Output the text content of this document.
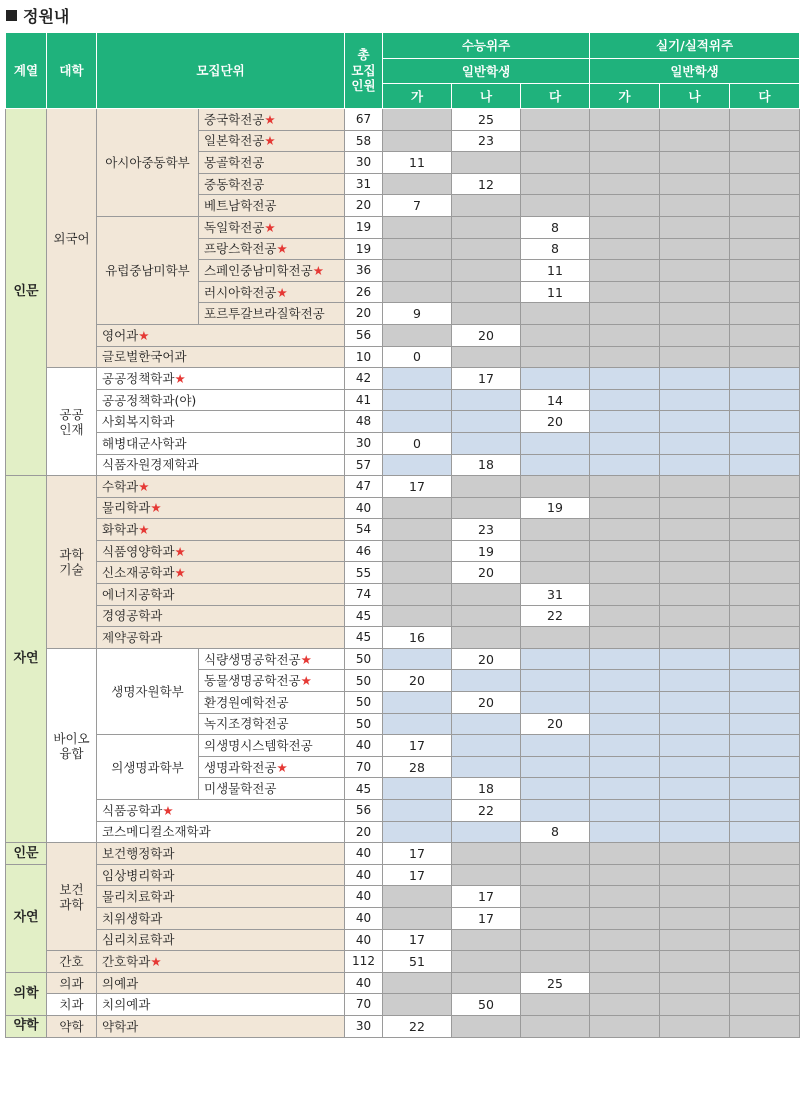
정원내
계열	대학	모집단위		총
모집
인원	수능위주			실기/실적위주		
					일반학생			일반학생		
					가	나	다	가	나	다
인문	외국어	아시아중동학부	중국학전공★	67		25				
			일본학전공★	58		23				
			몽골학전공	30	11					
			중동학전공	31		12				
			베트남학전공	20	7					
		유럽중남미학부	독일학전공★	19			8			
			프랑스학전공★	19			8			
			스페인중남미학전공★	36			11			
			러시아학전공★	26			11			
			포르투갈브라질학전공	20	9					
		영어과★		56		20				
		글로벌한국어과		10	0					
	공공
인재	공공정책학과★		42		17				
		공공정책학과(야)		41			14			
		사회복지학과		48			20			
		해병대군사학과		30	0					
		식품자원경제학과		57		18				
자연	과학
기술	수학과★		47	17					
		물리학과★		40			19			
		화학과★		54		23				
		식품영양학과★		46		19				
		신소재공학과★		55		20				
		에너지공학과		74			31			
		경영공학과		45			22			
		제약공학과		45	16					
	바이오
융합	생명자원학부	식량생명공학전공★	50		20				
			동물생명공학전공★	50	20					
			환경원예학전공	50		20				
			녹지조경학전공	50			20			
		의생명과학부	의생명시스템학전공	40	17					
			생명과학전공★	70	28					
			미생물학전공	45		18				
		식품공학과★		56		22				
		코스메디컬소재학과		20			8			
인문	보건
과학	보건행정학과		40	17					
자연		임상병리학과		40	17					
		물리치료학과		40		17				
		치위생학과		40		17				
		심리치료학과		40	17					
	간호	간호학과★		112	51					
의학	의과	의예과		40			25			
	치과	치의예과		70		50				
약학	약학	약학과		30	22					
